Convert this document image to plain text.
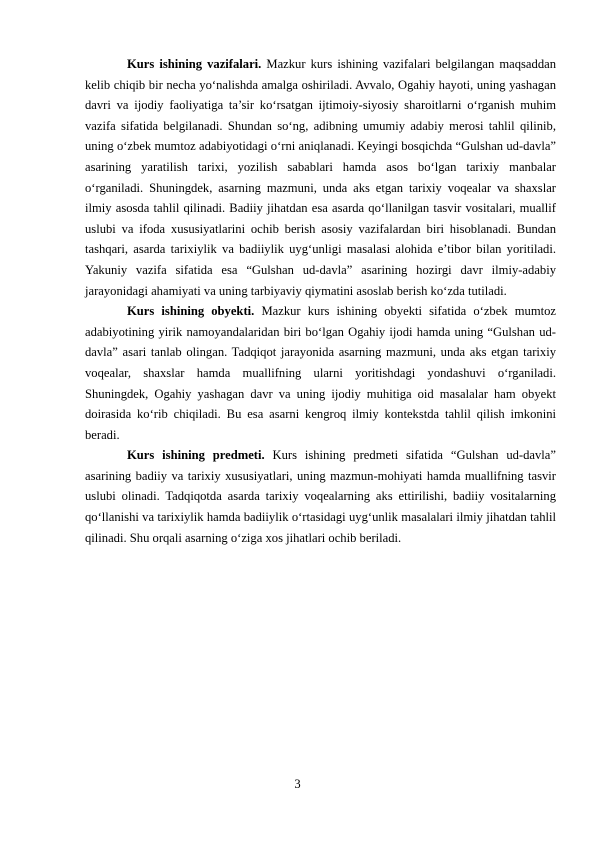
Kurs ishining vazifalari. Mazkur kurs ishining vazifalari belgilangan maqsaddan kelib chiqib bir necha yo‘nalishda amalga oshiriladi. Avvalo, Ogahiy hayoti, uning yashagan davri va ijodiy faoliyatiga ta’sir ko‘rsatgan ijtimoiy-siyosiy sharoitlarni o‘rganish muhim vazifa sifatida belgilanadi. Shundan so‘ng, adibning umumiy adabiy merosi tahlil qilinib, uning o‘zbek mumtoz adabiyotidagi o‘rni aniqlanadi. Keyingi bosqichda “Gulshan ud-davla” asarining yaratilish tarixi, yozilish sabablari hamda asos bo‘lgan tarixiy manbalar o‘rganiladi. Shuningdek, asarning mazmuni, unda aks etgan tarixiy voqealar va shaxslar ilmiy asosda tahlil qilinadi. Badiiy jihatdan esa asarda qo‘llanilgan tasvir vositalari, muallif uslubi va ifoda xususiyatlarini ochib berish asosiy vazifalardan biri hisoblanadi. Bundan tashqari, asarda tarixiylik va badiiylik uyg‘unligi masalasi alohida e’tibor bilan yoritiladi. Yakuniy vazifa sifatida esa “Gulshan ud-davla” asarining hozirgi davr ilmiy-adabiy jarayonidagi ahamiyati va uning tarbiyaviy qiymatini asoslab berish ko‘zda tutiladi.

Kurs ishining obyekti. Mazkur kurs ishining obyekti sifatida o‘zbek mumtoz adabiyotining yirik namoyandalaridan biri bo‘lgan Ogahiy ijodi hamda uning “Gulshan ud-davla” asari tanlab olingan. Tadqiqot jarayonida asarning mazmuni, unda aks etgan tarixiy voqealar, shaxslar hamda muallifning ularni yoritishdagi yondashuvi o‘rganiladi. Shuningdek, Ogahiy yashagan davr va uning ijodiy muhitiga oid masalalar ham obyekt doirasida ko‘rib chiqiladi. Bu esa asarni kengroq ilmiy kontekstda tahlil qilish imkonini beradi.

Kurs ishining predmeti. Kurs ishining predmeti sifatida “Gulshan ud-davla” asarining badiiy va tarixiy xususiyatlari, uning mazmun-mohiyati hamda muallifning tasvir uslubi olinadi. Tadqiqotda asarda tarixiy voqealarning aks ettirilishi, badiiy vositalarning qo‘llanishi va tarixiylik hamda badiiylik o‘rtasidagi uyg‘unlik masalalari ilmiy jihatdan tahlil qilinadi. Shu orqali asarning o‘ziga xos jihatlari ochib beriladi.

3
